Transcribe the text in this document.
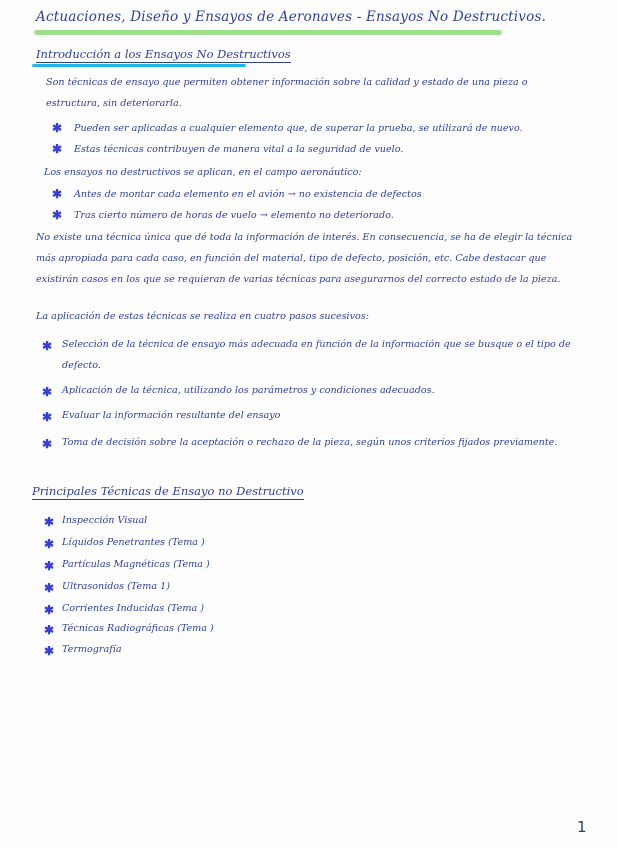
Actuaciones, Diseño y Ensayos de Aeronaves - Ensayos No Destructivos.
Introducción a los Ensayos No Destructivos
Son técnicas de ensayo que permiten obtener información sobre la calidad y estado de una pieza o estructura, sin deteriorarla.
✱ Pueden ser aplicadas a cualquier elemento que, de superar la prueba, se utilizará de nuevo.
✱ Estas técnicas contribuyen de manera vital a la seguridad de vuelo.
Los ensayos no destructivos se aplican, en el campo aeronáutico:
✱ Antes de montar cada elemento en el avión → no existencia de defectos
✱ Tras cierto número de horas de vuelo → elemento no deteriorado.
No existe una técnica única que dé toda la información de interés. En consecuencia, se ha de elegir la técnica más apropiada para cada caso, en función del material, tipo de defecto, posición, etc. Cabe destacar que existirán casos en los que se requieran de varias técnicas para asegurarnos del correcto estado de la pieza.
La aplicación de estas técnicas se realiza en cuatro pasos sucesivos:
✱ Selección de la técnica de ensayo más adecuada en función de la información que se busque o el tipo de defecto.
✱ Aplicación de la técnica, utilizando los parámetros y condiciones adecuados.
✱ Evaluar la información resultante del ensayo
✱ Toma de decisión sobre la aceptación o rechazo de la pieza, según unos criterios fijados previamente.
Principales Técnicas de Ensayo no Destructivo
✱ Inspección Visual
✱ Líquidos Penetrantes (Tema )
✱ Partículas Magnéticas (Tema )
✱ Ultrasonidos (Tema 1)
✱ Corrientes Inducidas (Tema )
✱ Técnicas Radiográficas (Tema )
✱ Termografía
1
